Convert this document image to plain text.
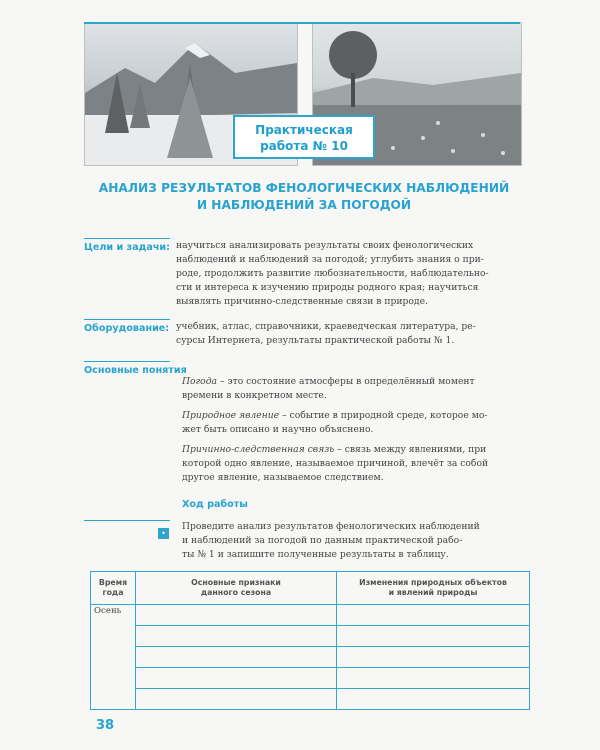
Практическая
работа № 10
АНАЛИЗ РЕЗУЛЬТАТОВ ФЕНОЛОГИЧЕСКИХ НАБЛЮДЕНИЙ
И НАБЛЮДЕНИЙ ЗА ПОГОДОЙ
Цели и задачи: научиться анализировать результаты своих фенологических
наблюдений и наблюдений за погодой; углубить знания о при-
роде, продолжить развитие любознательности, наблюдательно-
сти и интереса к изучению природы родного края; научиться
выявлять причинно-следственные связи в природе.
Оборудование: учебник, атлас, справочники, краеведческая литература, ре-
сурсы Интернета, результаты практической работы № 1.
Основные понятия
Погода – это состояние атмосферы в определённый момент
времени в конкретном месте.
Природное явление – событие в природной среде, которое мо-
жет быть описано и научно объяснено.
Причинно-следственная связь – связь между явлениями, при
которой одно явление, называемое причиной, влечёт за собой
другое явление, называемое следствием.
Ход работы
•
Проведите анализ результатов фенологических наблюдений
и наблюдений за погодой по данным практической рабо-
ты № 1 и запишите полученные результаты в таблицу.
Время
года	Основные признаки
данного сезона	Изменения природных объектов
и явлений природы
Осень		

38
